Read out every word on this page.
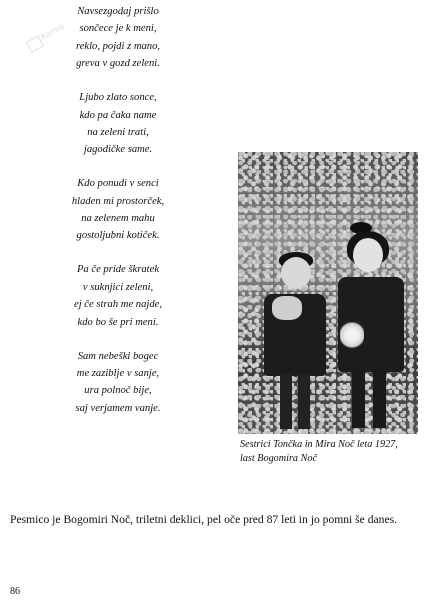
kamra
Navsezgodaj prišlo
sončece je k meni,
reklo, pojdi z mano,
greva v gozd zeleni.
Ljubo zlato sonce,
kdo pa čaka name
na zeleni trati,
jagodičke same.
Kdo ponudi v senci
hladen mi prostorček,
na zelenem mahu
gostoljubni kotiček.
Pa če pride škratek
v suknjici zeleni,
ej če strah me najde,
kdo bo še pri meni.
Sam nebeški bogec
me zaziblje v sanje,
ura polnoč bije,
saj verjamem vanje.
Sestrici Tončka in Mira Noč leta 1927,
last Bogomira Noč
Pesmico je Bogomiri Noč, triletni deklici, pel oče pred 87 leti in jo pomni še danes.
86
